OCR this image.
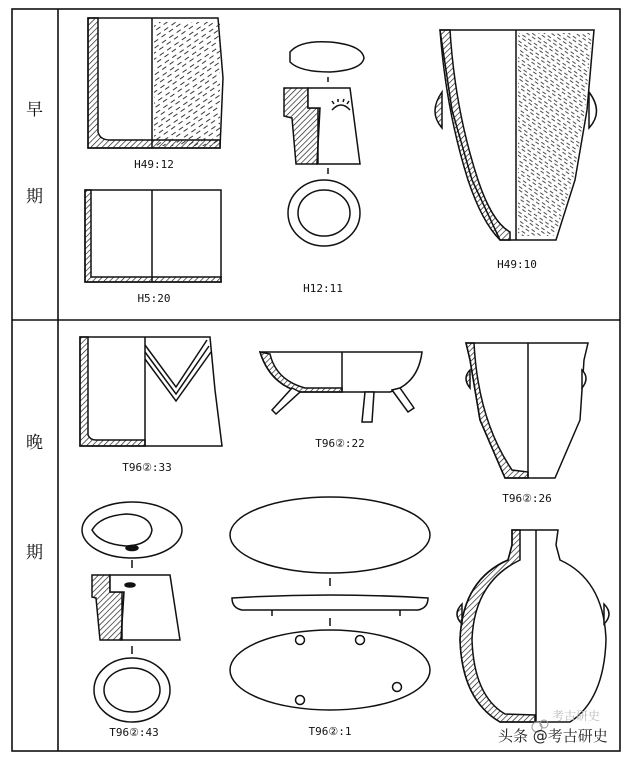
早
期
晚
期
H49:12
H5:20
H12:11
H49:10
T96②:33
T96②:22
T96②:26
T96②:43	T96②:1	头条 @考古研史
考古研史
